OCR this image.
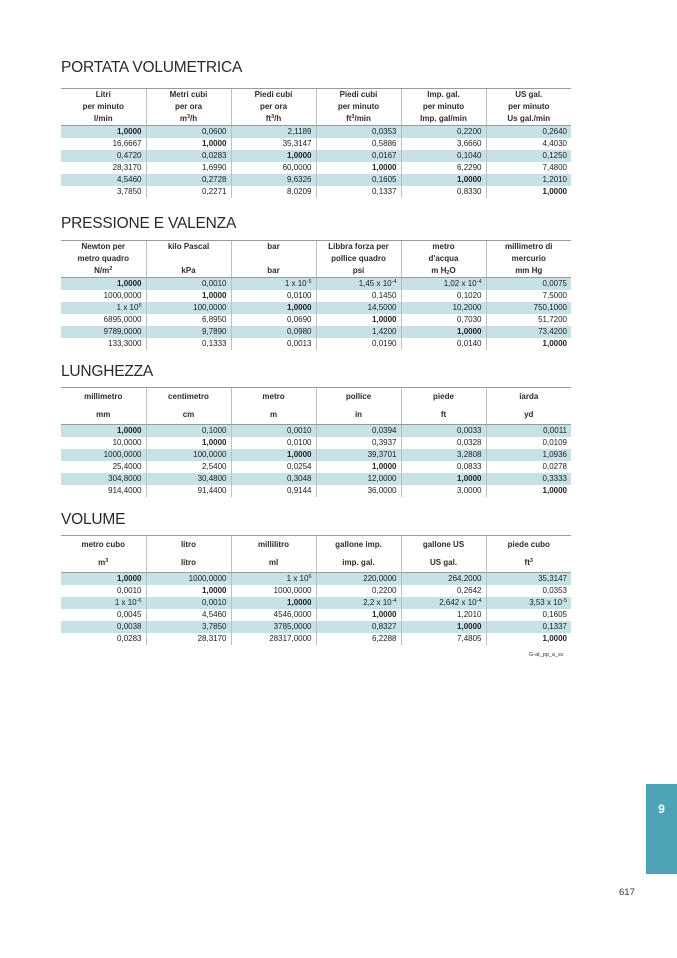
PORTATA VOLUMETRICA
Litri	Metri cubi	Piedi cubi	Piedi cubi	Imp. gal.	US gal.
per minuto	per ora	per ora	per minuto	per minuto	per minuto
l/min	$m^3/h$	$ft^3/h$	$ft^3/\min$	Imp. gal/min	Us gal./min
1,0000	0,0600	2,1189	0,0353	0,2200	0,2640
16,6667	1,0000	35,3147	0,5886	3,6660	4,4030
0,4720	0,0283	1,0000	0,0167	0,1040	0,1250
28,3170	1,6990	60,0000	1,0000	6,2290	7,4800
4,5460	0,2728	9,6326	0,1605	1,0000	1,2010
3,7850	0,2271	8,0209	0,1337	0,8330	1,0000
PRESSIONE E VALENZA
Newton per	kilo Pascal	bar	Libbra forza per	metro	millimetro di
metro quadro			pollice quadro	d'acqua	mercurio
$N/m^2$	kPa	bar	psi	m $H_2O$	mm Hg
1,0000	0,0010	1 x $10^{-5}$	1,45 x $10^{-4}$	1,02 x $10^{-4}$	0,0075
1000,0000	1,0000	0,0100	0,1450	0,1020	7,5000
1 x $10^5$	100,0000	1,0000	14,5000	10,2000	750,1000
6895,0000	6,8950	0,0690	1,0000	0,7030	51,7200
9789,0000	9,7890	0,0980	1,4200	1,0000	73,4200
133,3000	0,1333	0,0013	0,0190	0,0140	1,0000
LUNGHEZZA
millimetro	centimetro	metro	pollice	piede	iarda
mm	cm	m	in	ft	yd
1,0000	0,1000	0,0010	0,0394	0,0033	0,0011
10,0000	1,0000	0,0100	0,3937	0,0328	0,0109
1000,0000	100,0000	1,0000	39,3701	3,2808	1,0936
25,4000	2,5400	0,0254	1,0000	0,0833	0,0278
304,8000	30,4800	0,3048	12,0000	1,0000	0,3333
914,4000	91,4400	0,9144	36,0000	3,0000	1,0000
VOLUME
metro cubo	litro	millilitro	gallone imp.	gallone US	piede cubo
$m^3$	litro	ml	imp. gal.	US gal.	$ft^3$
1,0000	1000,0000	1 x $10^6$	220,0000	264,2000	35,3147
0,0010	1,0000	1000,0000	0,2200	0,2642	0,0353
1 x $10^{-6}$	0,0010	1,0000	2,2 x $10^{-4}$	2,642 x $10^{-4}$	3,53 x $10^{-5}$
0,0045	4,5460	4546,0000	1,0000	1,2010	0,1605
0,0038	3,7850	3785,0000	0,8327	1,0000	0,1337
0,0283	28,3170	28317,0000	6,2288	7,4805	1,0000
G-at_pp_a_sc
9
617
